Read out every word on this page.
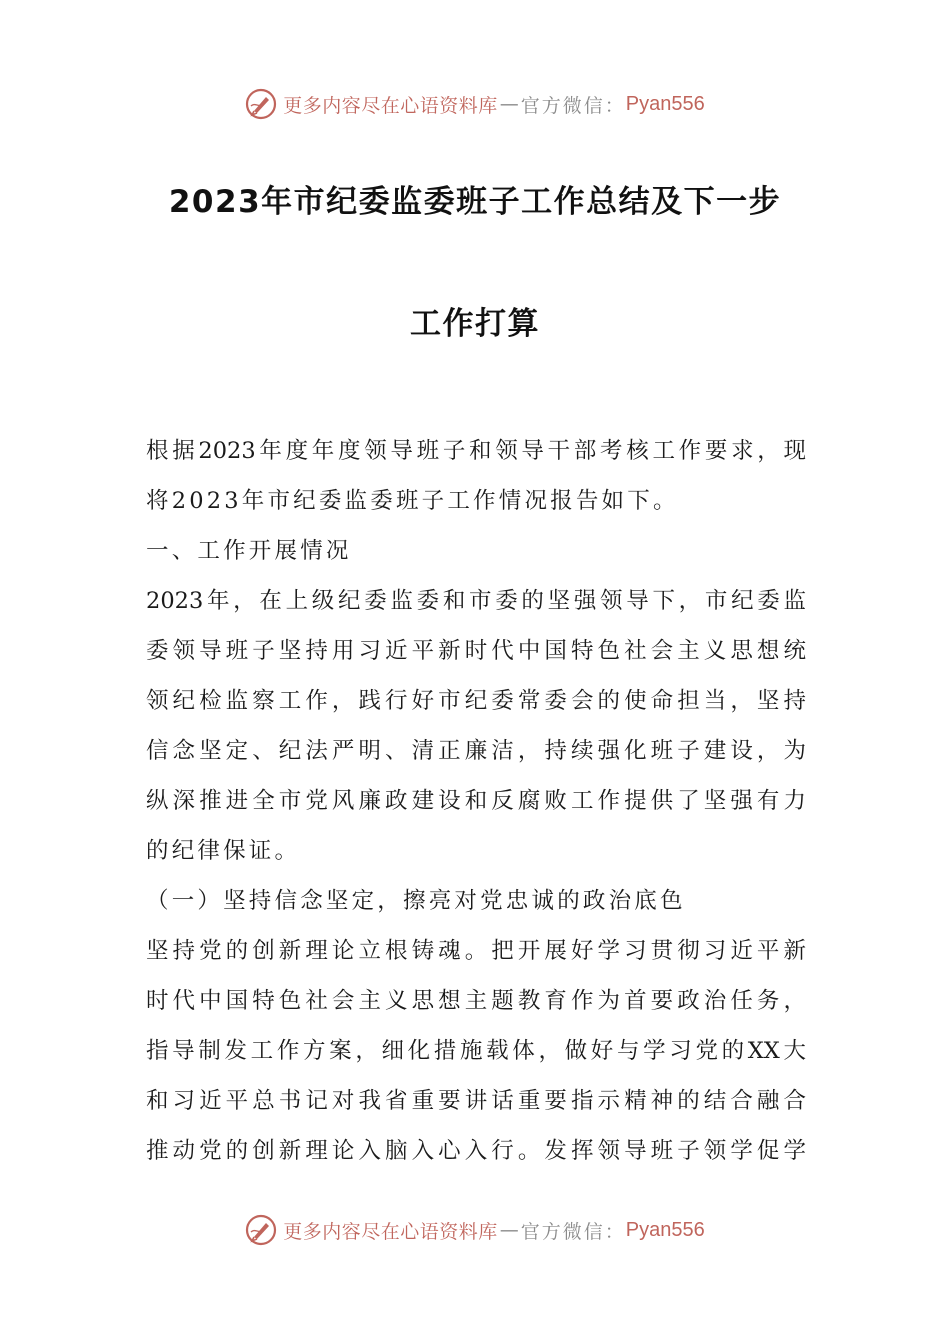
更多内容尽在心语资料库 — 官方微信： Pyan556
2023年市纪委监委班子工作总结及下一步
工作打算
根据2023年度年度领导班子和领导干部考核工作要求，现
将2023年市纪委监委班子工作情况报告如下。
一、工作开展情况
2023年，在上级纪委监委和市委的坚强领导下，市纪委监
委领导班子坚持用习近平新时代中国特色社会主义思想统
领纪检监察工作，践行好市纪委常委会的使命担当，坚持
信念坚定、纪法严明、清正廉洁，持续强化班子建设，为
纵深推进全市党风廉政建设和反腐败工作提供了坚强有力
的纪律保证。
（一）坚持信念坚定，擦亮对党忠诚的政治底色
坚持党的创新理论立根铸魂。把开展好学习贯彻习近平新
时代中国特色社会主义思想主题教育作为首要政治任务，
指导制发工作方案，细化措施载体，做好与学习党的XX大
和习近平总书记对我省重要讲话重要指示精神的结合融合
推动党的创新理论入脑入心入行。发挥领导班子领学促学
更多内容尽在心语资料库 — 官方微信： Pyan556
